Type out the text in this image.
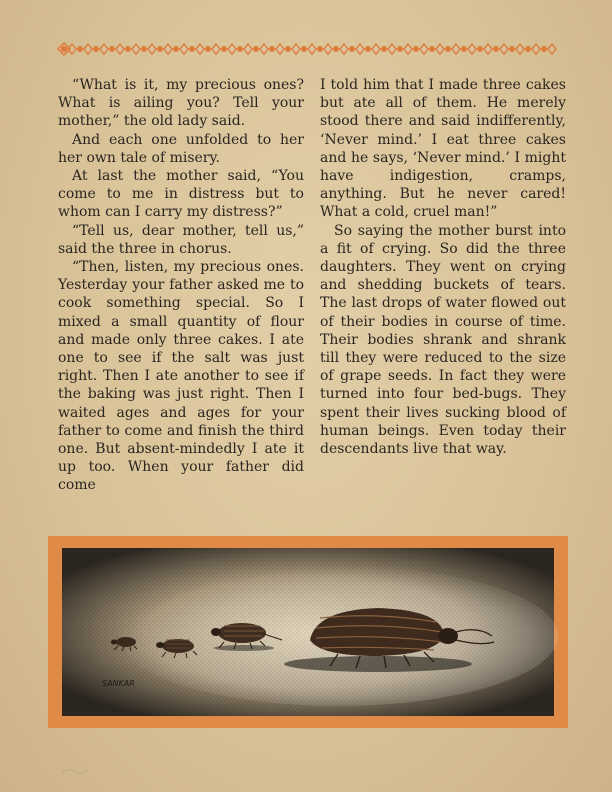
“What is it, my precious ones? What is ailing you? Tell your mother,” the old lady said.

And each one unfolded to her her own tale of misery.

At last the mother said, “You come to me in distress but to whom can I carry my distress?”

“Tell us, dear mother, tell us,” said the three in chorus.

“Then, listen, my precious ones. Yesterday your father asked me to cook something special. So I mixed a small quantity of flour and made only three cakes. I ate one to see if the salt was just right. Then I ate another to see if the baking was just right. Then I waited ages and ages for your father to come and finish the third one. But absent-mindedly I ate it up too. When your father did come

I told him that I made three cakes but ate all of them. He merely stood there and said indifferently, ‘Never mind.’ I eat three cakes and he says, ‘Never mind.’ I might have indigestion, cramps, anything. But he never cared! What a cold, cruel man!”

So saying the mother burst into a fit of crying. So did the three daughters. They went on crying and shedding buckets of tears. The last drops of water flowed out of their bodies in course of time. Their bodies shrank and shrank till they were reduced to the size of grape seeds. In fact they were turned into four bed-bugs. They spent their lives sucking blood of human beings. Even today their descendants live that way.

SANKAR
